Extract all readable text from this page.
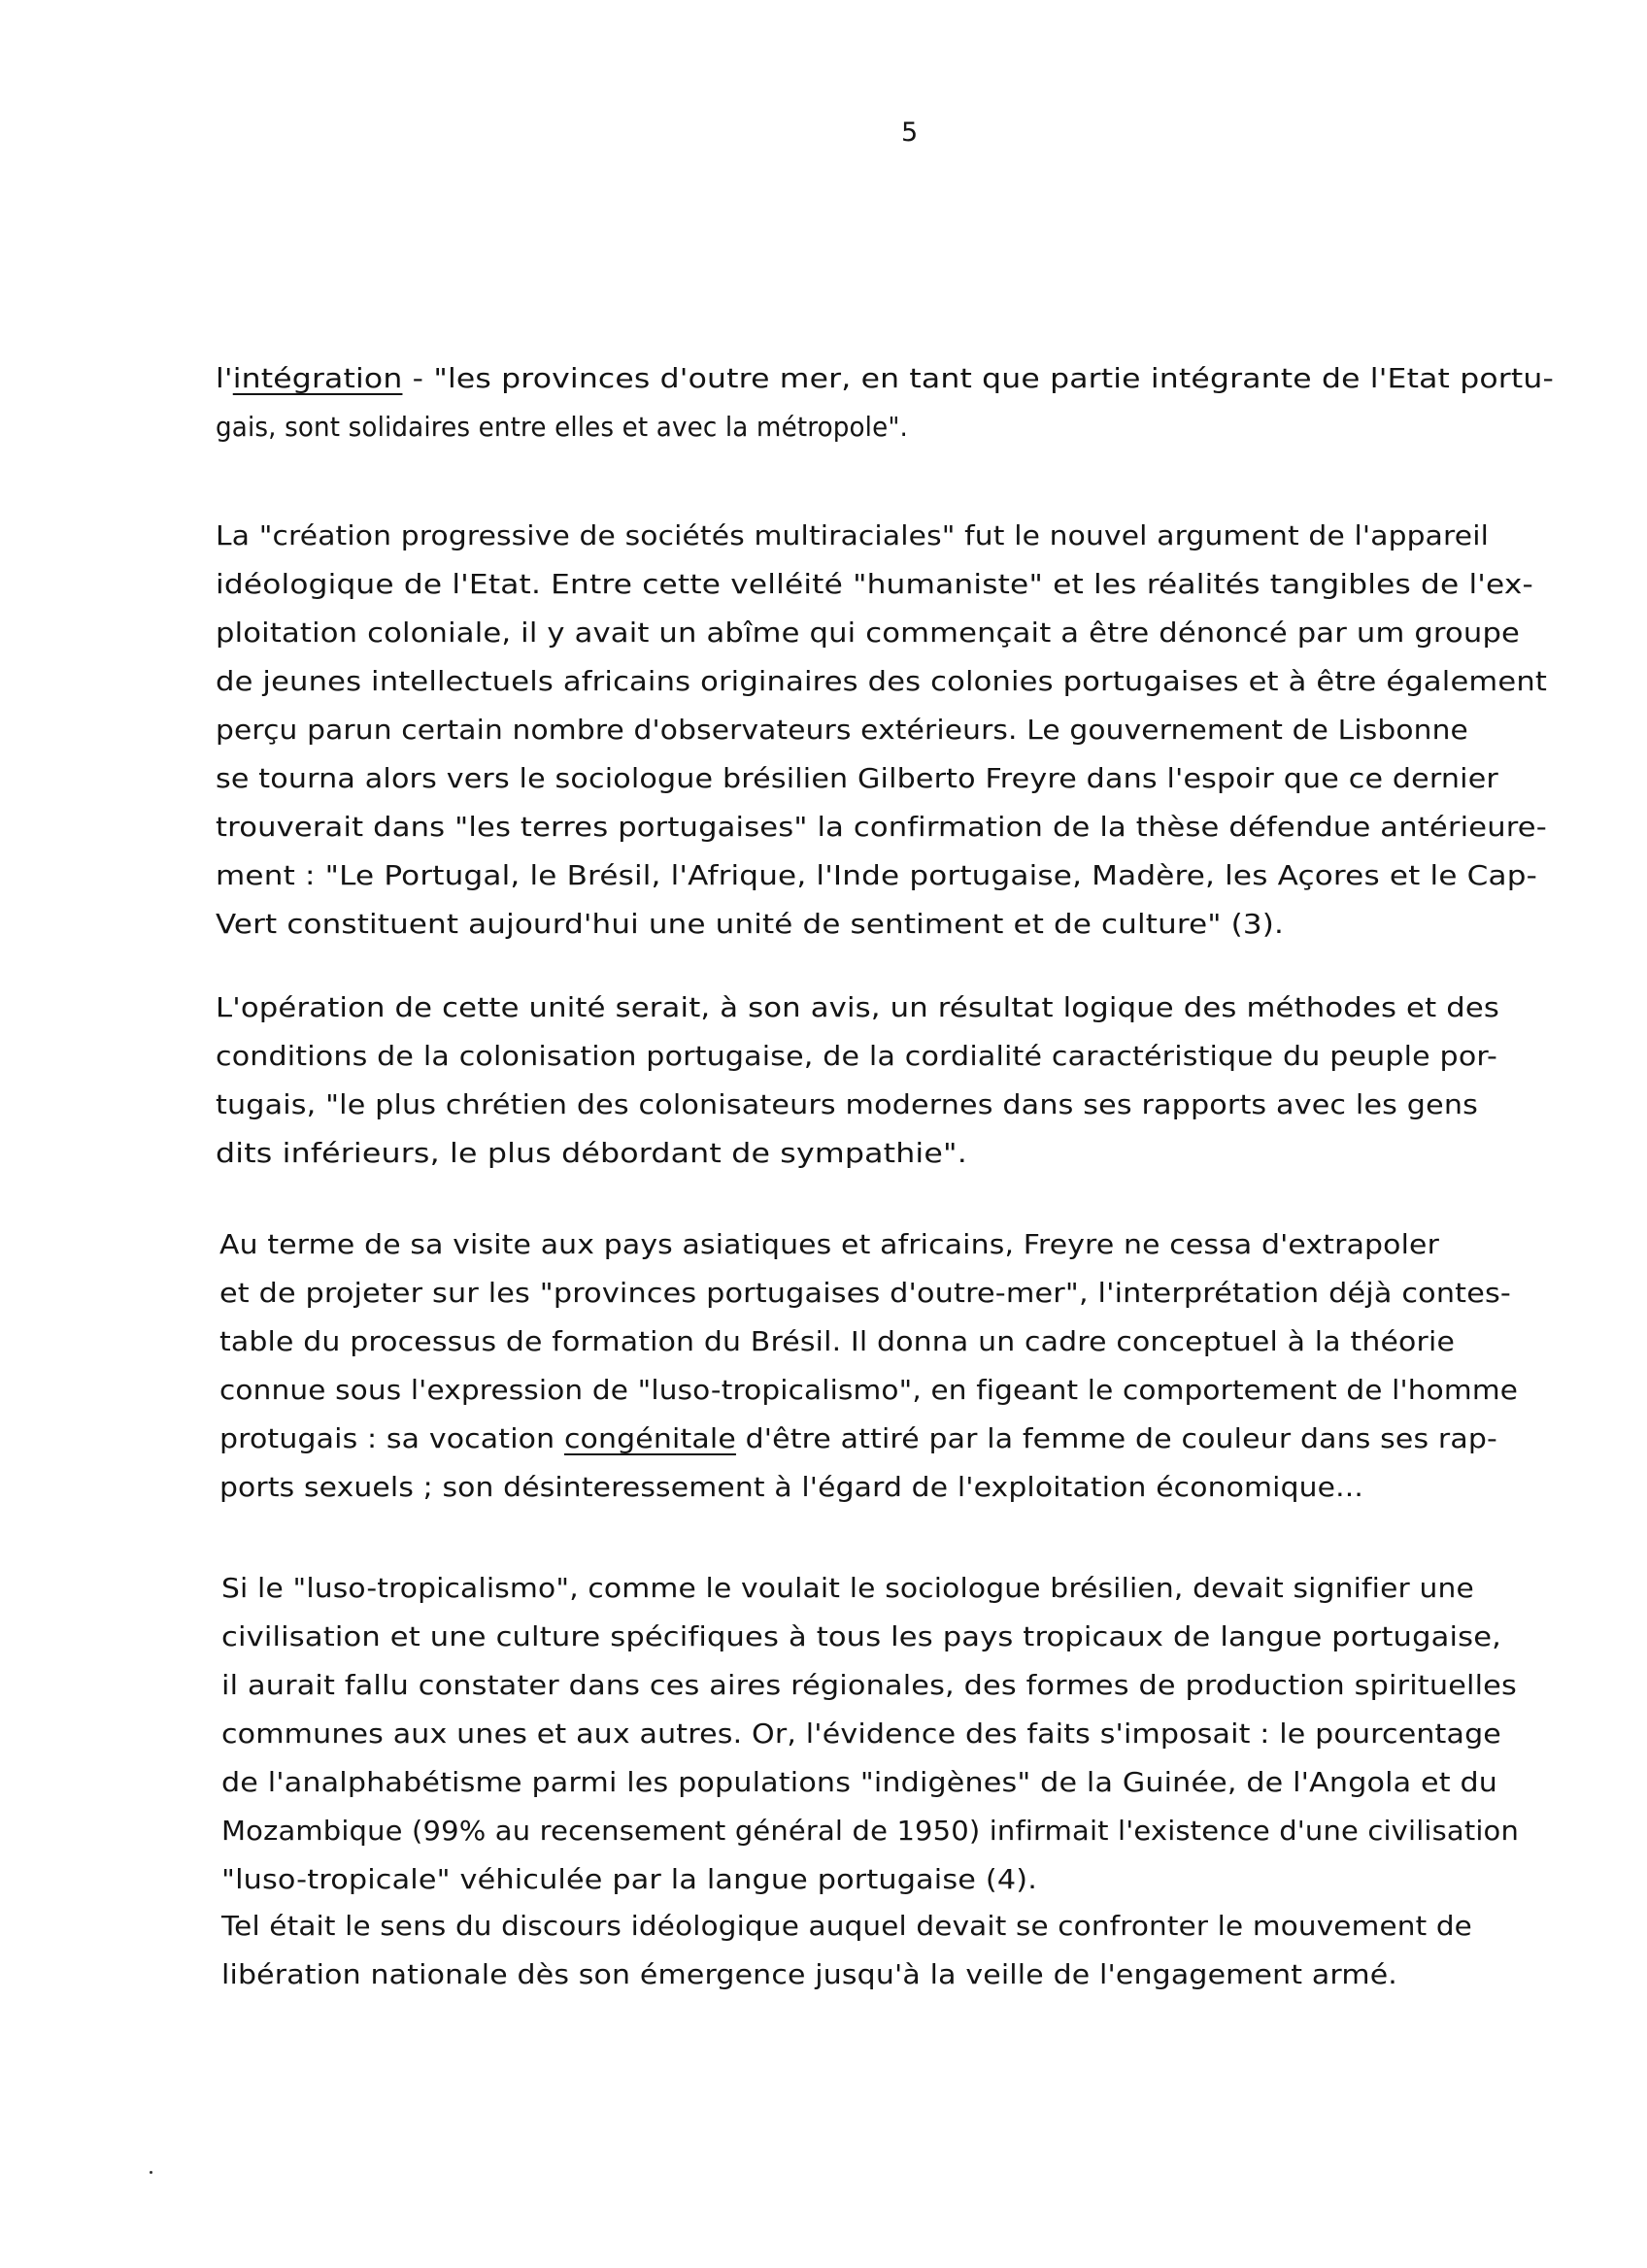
5

l'intégration - "les provinces d'outre mer, en tant que partie intégrante de l'Etat portu-
gais, sont solidaires entre elles et avec la métropole".
La "création progressive de sociétés multiraciales" fut le nouvel argument de l'appareil
idéologique de l'Etat. Entre cette velléité "humaniste" et les réalités tangibles de l'ex-
ploitation coloniale, il y avait un abîme qui commençait a être dénoncé par um groupe
de jeunes intellectuels africains originaires des colonies portugaises et à être également
perçu parun certain nombre d'observateurs extérieurs. Le gouvernement de Lisbonne
se tourna alors vers le sociologue brésilien Gilberto Freyre dans l'espoir que ce dernier
trouverait dans "les terres portugaises" la confirmation de la thèse défendue antérieure-
ment : "Le Portugal, le Brésil, l'Afrique, l'Inde portugaise, Madère, les Açores et le Cap-
Vert constituent aujourd'hui une unité de sentiment et de culture" (3).
L'opération de cette unité serait, à son avis, un résultat logique des méthodes et des
conditions de la colonisation portugaise, de la cordialité caractéristique du peuple por-
tugais, "le plus chrétien des colonisateurs modernes dans ses rapports avec les gens
dits inférieurs, le plus débordant de sympathie".
Au terme de sa visite aux pays asiatiques et africains, Freyre ne cessa d'extrapoler
et de projeter sur les "provinces portugaises d'outre-mer", l'interprétation déjà contes-
table du processus de formation du Brésil. Il donna un cadre conceptuel à la théorie
connue sous l'expression de "luso-tropicalismo", en figeant le comportement de l'homme
protugais : sa vocation congénitale d'être attiré par la femme de couleur dans ses rap-
ports sexuels ; son désinteressement à l'égard de l'exploitation économique...
Si le "luso-tropicalismo", comme le voulait le sociologue brésilien, devait signifier une
civilisation et une culture spécifiques à tous les pays tropicaux de langue portugaise,
il aurait fallu constater dans ces aires régionales, des formes de production spirituelles
communes aux unes et aux autres. Or, l'évidence des faits s'imposait : le pourcentage
de l'analphabétisme parmi les populations "indigènes" de la Guinée, de l'Angola et du
Mozambique (99% au recensement général de 1950) infirmait l'existence d'une civilisation
"luso-tropicale" véhiculée par la langue portugaise (4).
Tel était le sens du discours idéologique auquel devait se confronter le mouvement de
libération nationale dès son émergence jusqu'à la veille de l'engagement armé.
